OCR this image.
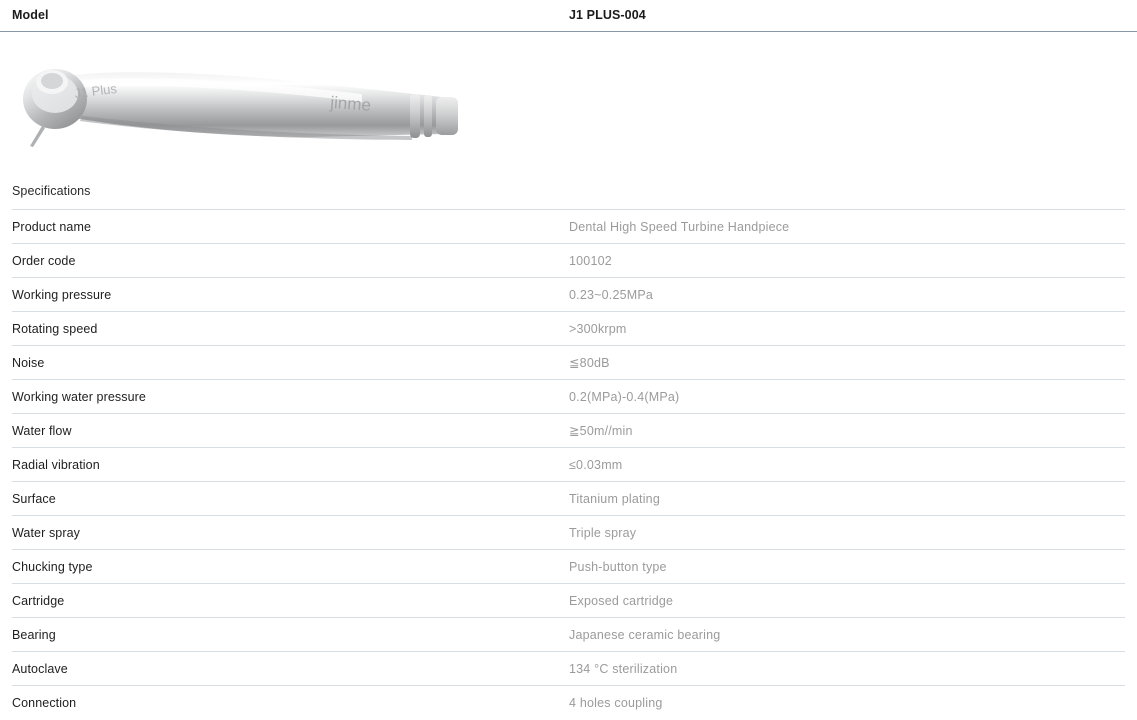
Model	J1 PLUS-004
jinme
J1 Plus
Specifications
Product name	Dental High Speed Turbine Handpiece
Order code	100102
Working pressure	0.23~0.25MPa
Rotating speed	>300krpm
Noise	≦80dB
Working water pressure	0.2(MPa)-0.4(MPa)
Water flow	≧50m//min
Radial vibration	≤0.03mm
Surface	Titanium plating
Water spray	Triple spray
Chucking type	Push-button type
Cartridge	Exposed cartridge
Bearing	Japanese ceramic bearing
Autoclave	134 °C sterilization
Connection	4 holes coupling
